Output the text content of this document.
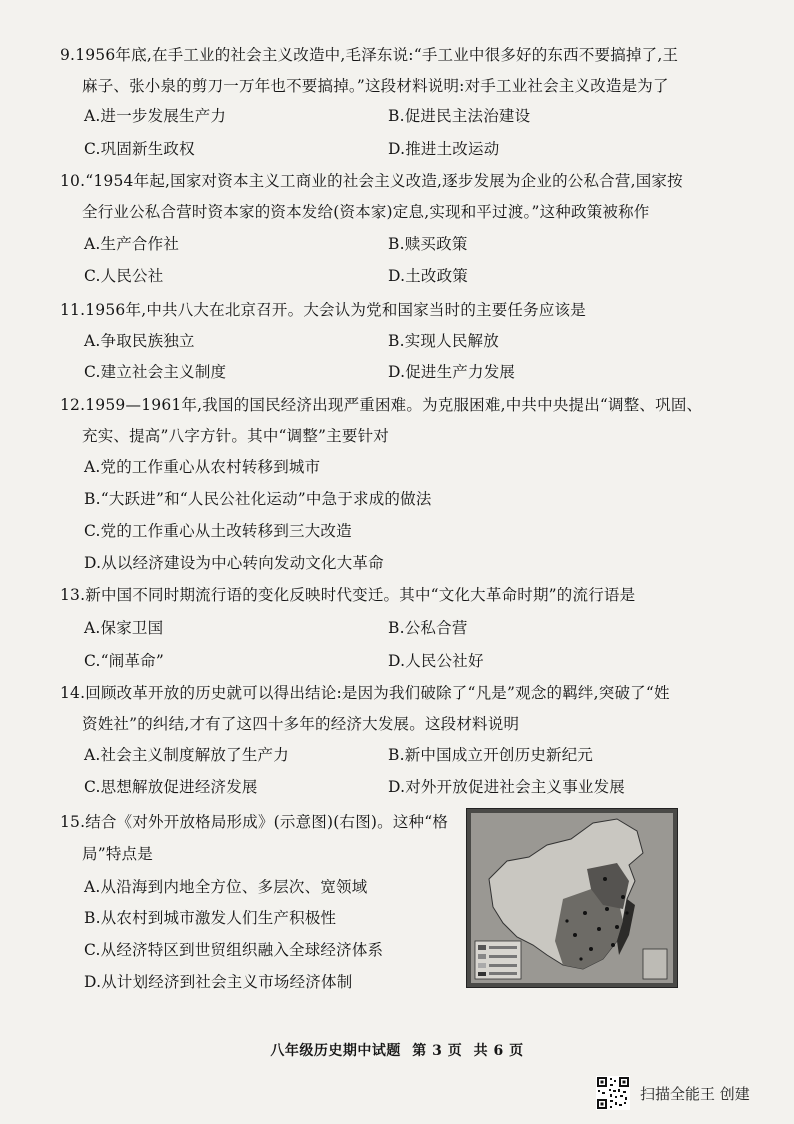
9.1956年底,在手工业的社会主义改造中,毛泽东说:“手工业中很多好的东西不要搞掉了,王
麻子、张小泉的剪刀一万年也不要搞掉。”这段材料说明:对手工业社会主义改造是为了
A.进一步发展生产力	B.促进民主法治建设
C.巩固新生政权	D.推进土改运动
10.“1954年起,国家对资本主义工商业的社会主义改造,逐步发展为企业的公私合营,国家按
全行业公私合营时资本家的资本发给(资本家)定息,实现和平过渡。”这种政策被称作
A.生产合作社	B.赎买政策
C.人民公社	D.土改政策
11.1956年,中共八大在北京召开。大会认为党和国家当时的主要任务应该是
A.争取民族独立	B.实现人民解放
C.建立社会主义制度	D.促进生产力发展
12.1959—1961年,我国的国民经济出现严重困难。为克服困难,中共中央提出“调整、巩固、
充实、提高”八字方针。其中“调整”主要针对
A.党的工作重心从农村转移到城市
B.“大跃进”和“人民公社化运动”中急于求成的做法
C.党的工作重心从土改转移到三大改造
D.从以经济建设为中心转向发动文化大革命
13.新中国不同时期流行语的变化反映时代变迁。其中“文化大革命时期”的流行语是
A.保家卫国	B.公私合营
C.“闹革命”	D.人民公社好
14.回顾改革开放的历史就可以得出结论:是因为我们破除了“凡是”观念的羁绊,突破了“姓
资姓社”的纠结,才有了这四十多年的经济大发展。这段材料说明
A.社会主义制度解放了生产力	B.新中国成立开创历史新纪元
C.思想解放促进经济发展	D.对外开放促进社会主义事业发展
15.结合《对外开放格局形成》(示意图)(右图)。这种“格
局”特点是
A.从沿海到内地全方位、多层次、宽领域
B.从农村到城市激发人们生产积极性
C.从经济特区到世贸组织融入全球经济体系
D.从计划经济到社会主义市场经济体制
八年级历史期中试题 第 3 页 共 6 页
扫描全能王 创建
